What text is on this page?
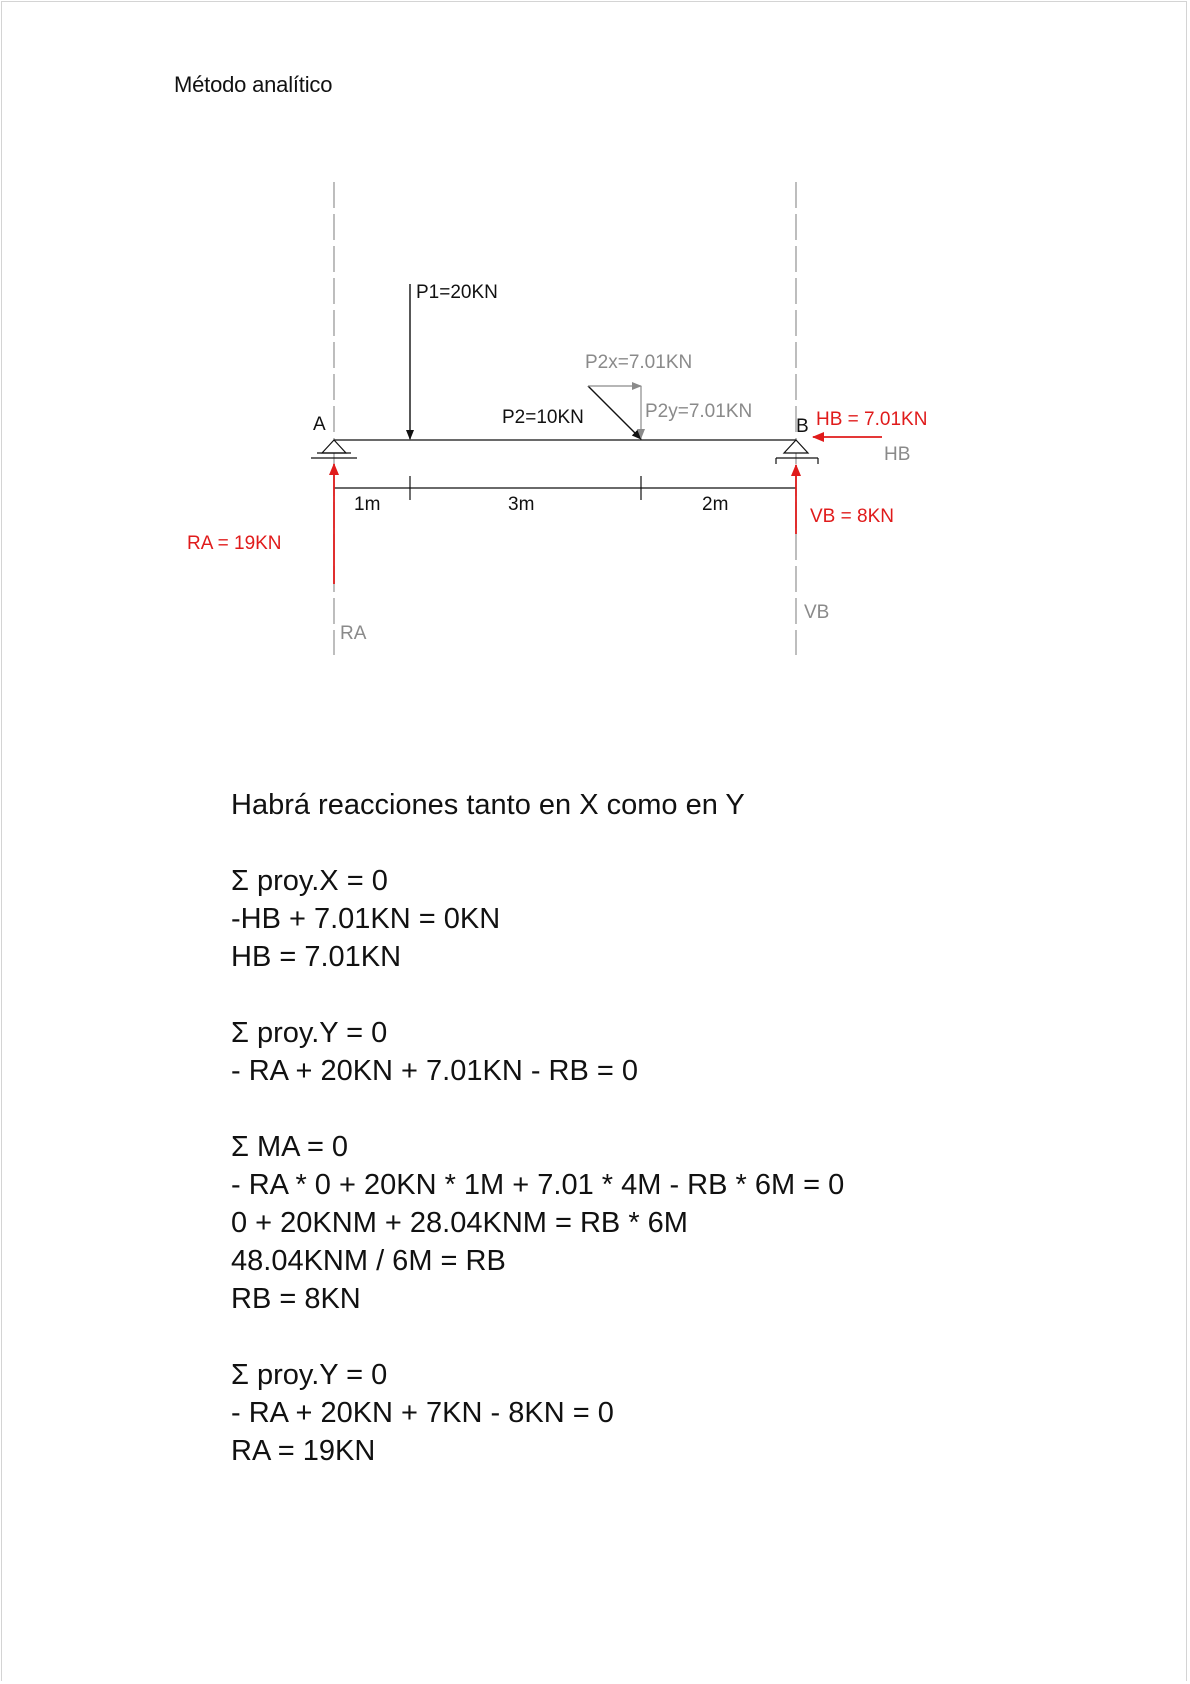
Método analítico
A	B
1m	3m	2m
P1=20KN
P2=10KN
P2x=7.01KN
P2y=7.01KN	HB = 7.01KN
HB
VB = 8KN
VB
RA = 19KN
RA
Habrá reacciones tanto en X como en Y
Σ proy.X = 0
-HB + 7.01KN = 0KN
HB = 7.01KN
Σ proy.Y = 0
- RA + 20KN + 7.01KN - RB = 0
Σ MA = 0
- RA * 0 + 20KN * 1M + 7.01 * 4M - RB * 6M = 0
0 + 20KNM + 28.04KNM = RB * 6M
48.04KNM / 6M = RB
RB = 8KN
Σ proy.Y = 0
- RA + 20KN + 7KN - 8KN = 0
RA = 19KN
